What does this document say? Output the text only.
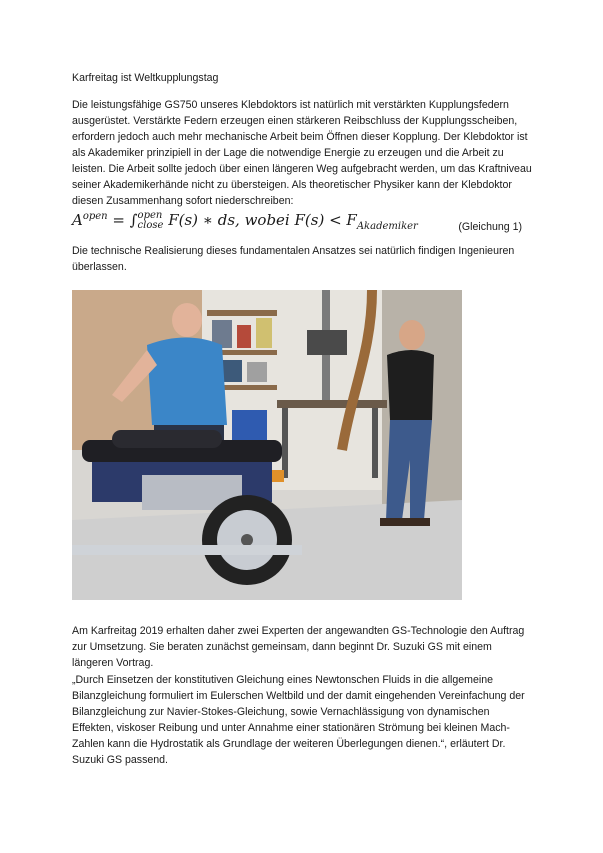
Karfreitag ist Weltkupplungstag

Die leistungsfähige GS750 unseres Klebdoktors ist natürlich mit verstärkten Kupplungsfedern ausgerüstet. Verstärkte Federn erzeugen einen stärkeren Reibschluss der Kupplungsscheiben, erfordern jedoch auch mehr mechanische Arbeit beim Öffnen dieser Kopplung. Der Klebdoktor ist als Akademiker prinzipiell in der Lage die notwendige Energie zu erzeugen und die Arbeit zu leisten. Die Arbeit sollte jedoch über einen längeren Weg aufgebracht werden, um das Kraftniveau seiner Akademikerhände nicht zu übersteigen. Als theoretischer Physiker kann der Klebdoktor diesen Zusammenhang sofort niederschreiben:

$A^{open}$ = ∫ open
close F(s) ∗ ds, wobei $F(s) < F_{Akademiker}$	(Gleichung 1)

Die technische Realisierung dieses fundamentalen Ansatzes sei natürlich findigen Ingenieuren überlassen.

Am Karfreitag 2019 erhalten daher zwei Experten der angewandten GS-Technologie den Auftrag zur Umsetzung. Sie beraten zunächst gemeinsam, dann beginnt Dr. Suzuki GS mit einem längeren Vortrag.

„Durch Einsetzen der konstitutiven Gleichung eines Newtonschen Fluids in die allgemeine Bilanzgleichung formuliert im Eulerschen Weltbild und der damit eingehenden Vereinfachung der Bilanzgleichung zur Navier-Stokes-Gleichung, sowie Vernachlässigung von dynamischen Effekten, viskoser Reibung und unter Annahme einer stationären Strömung bei kleinen Mach-Zahlen kann die Hydrostatik als Grundlage der weiteren Überlegungen dienen.“, erläutert Dr. Suzuki GS passend.
